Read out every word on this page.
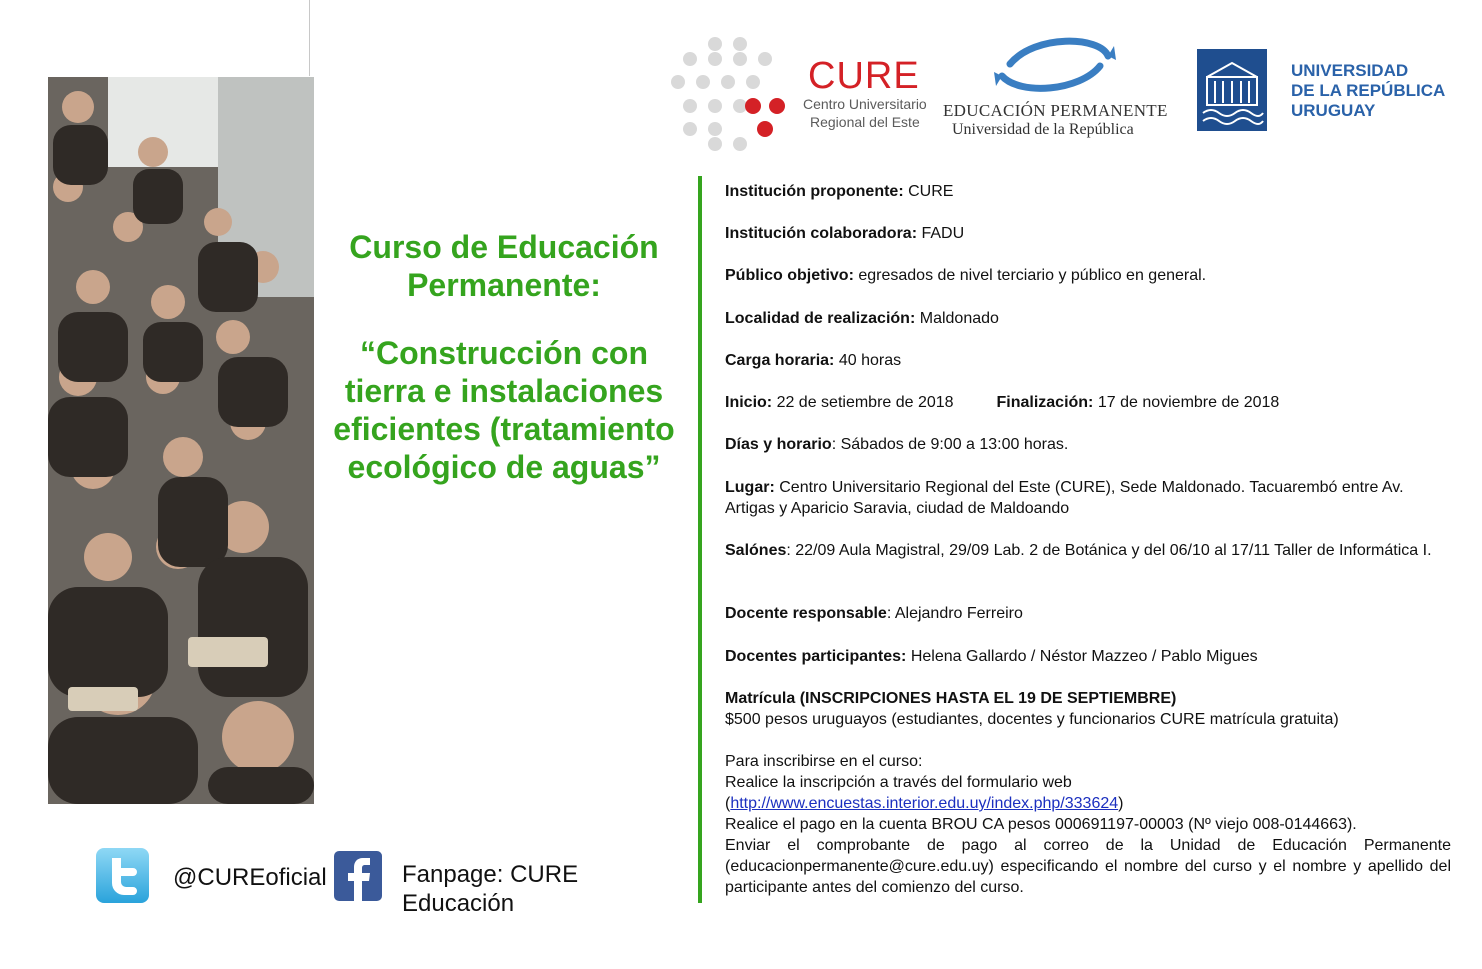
Curso de Educación
Permanente:
“Construcción con
tierra e instalaciones
eficientes (tratamiento
ecológico de aguas”
CURE
Centro Universitario
Regional del Este
EDUCACIÓN PERMANENTE
Universidad de la República
UNIVERSIDAD
DE LA REPÚBLICA
URUGUAY
Institución proponente: CURE
Institución colaboradora: FADU
Público objetivo: egresados de nivel terciario y público en general.
Localidad de realización: Maldonado
Carga horaria: 40 horas
Inicio: 22 de setiembre de 2018	Finalización: 17 de noviembre de 2018
Días y horario: Sábados de 9:00 a 13:00 horas.
Lugar: Centro Universitario Regional del Este (CURE), Sede Maldonado. Tacuarembó entre Av. Artigas y Aparicio Saravia, ciudad de Maldoando
Salónes: 22/09 Aula Magistral, 29/09 Lab. 2 de Botánica y del 06/10 al 17/11 Taller de Informática I.
Docente responsable: Alejandro Ferreiro
Docentes participantes: Helena Gallardo / Néstor Mazzeo / Pablo Migues
Matrícula (INSCRIPCIONES HASTA EL 19 DE SEPTIEMBRE)
$500 pesos uruguayos (estudiantes, docentes y funcionarios CURE matrícula gratuita)
Para inscribirse en el curso:
Realice la inscripción a través del formulario web
(http://www.encuestas.interior.edu.uy/index.php/333624)
Realice el pago en la cuenta BROU CA pesos 000691197-00003 (Nº viejo 008-0144663).
Enviar el comprobante de pago al correo de la Unidad de Educación Permanente (educacionpermanente@cure.edu.uy) especificando el nombre del curso y el nombre y apellido del participante antes del comienzo del curso.
@CUREoficial	Fanpage: CURE
Educación
